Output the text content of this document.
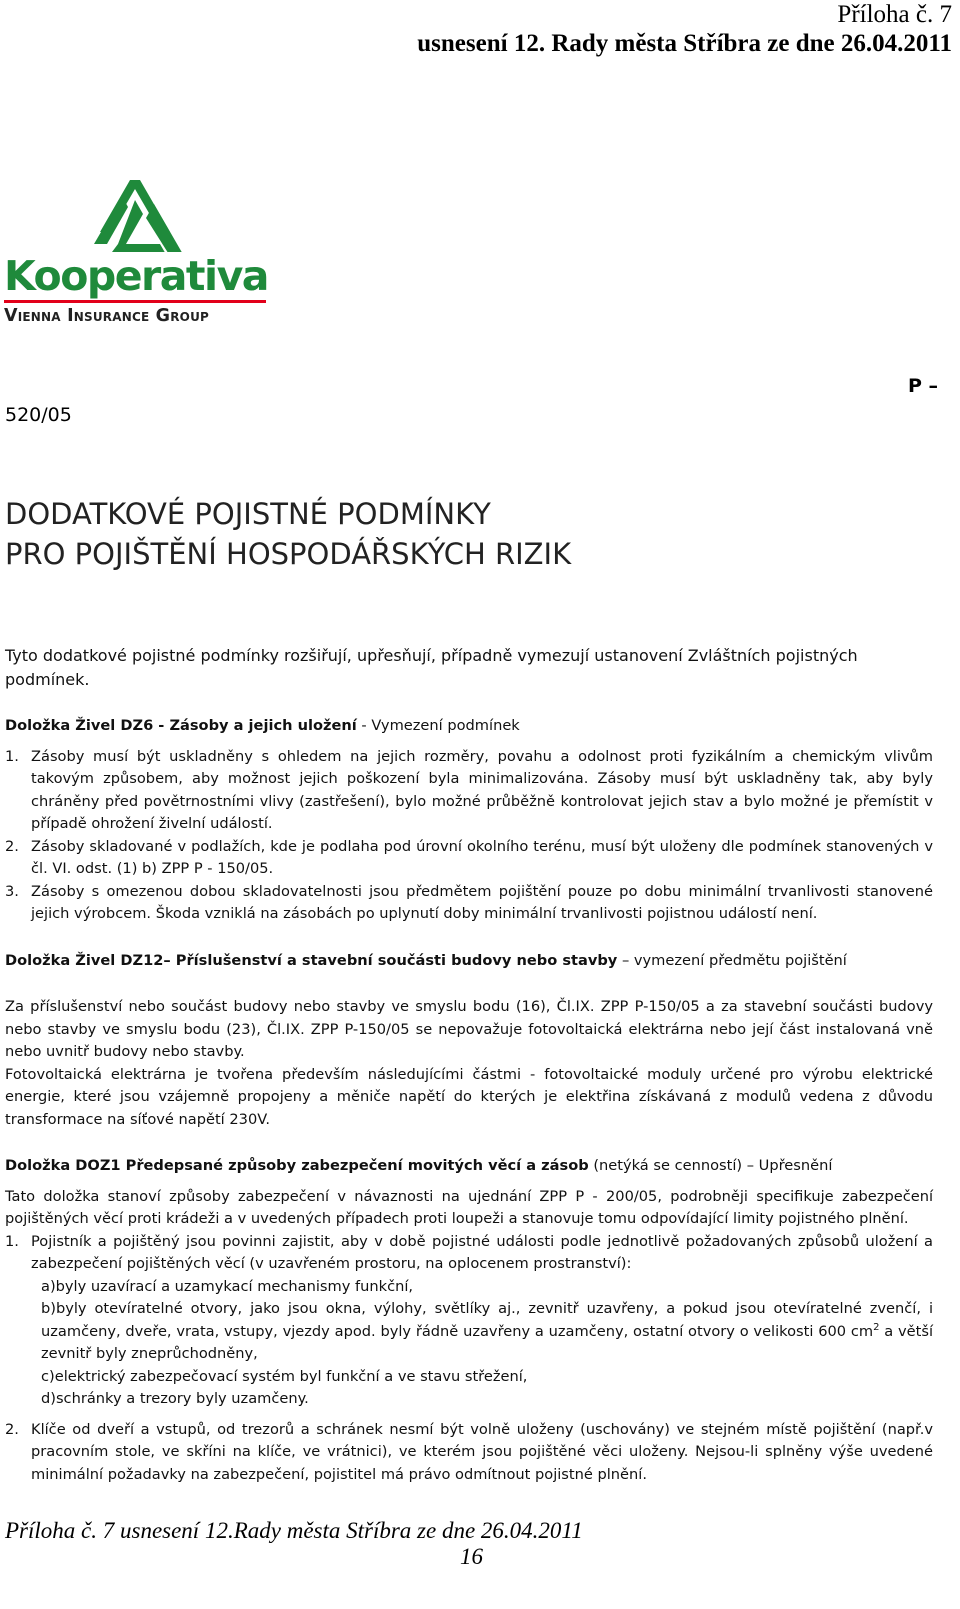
Příloha č. 7
usnesení 12. Rady města Stříbra ze dne 26.04.2011
Kooperativa
Vienna Insurance Group
520/05
P –
DODATKOVÉ POJISTNÉ PODMÍNKY
PRO POJIŠTĚNÍ HOSPODÁŘSKÝCH RIZIK

Tyto dodatkové pojistné podmínky rozšiřují, upřesňují, případně vymezují ustanovení Zvláštních pojistných podmínek.

Doložka Živel DZ6 - Zásoby a jejich uložení - Vymezení podmínek

1. Zásoby musí být uskladněny s ohledem na jejich rozměry, povahu a odolnost proti fyzikálním a chemickým vlivům takovým způsobem, aby možnost jejich poškození byla minimalizována. Zásoby musí být uskladněny tak, aby byly chráněny před povětrnostními vlivy (zastřešení), bylo možné průběžně kontrolovat jejich stav a bylo možné je přemístit v případě ohrožení živelní událostí.
2. Zásoby skladované v podlažích, kde je podlaha pod úrovní okolního terénu, musí být uloženy dle podmínek stanovených v čl. VI. odst. (1) b) ZPP P - 150/05.
3. Zásoby s omezenou dobou skladovatelnosti jsou předmětem pojištění pouze po dobu minimální trvanlivosti stanovené jejich výrobcem. Škoda vzniklá na zásobách po uplynutí doby minimální trvanlivosti pojistnou událostí není.

Doložka Živel DZ12– Příslušenství a stavební součásti budovy nebo stavby – vymezení předmětu pojištění

Za příslušenství nebo součást budovy nebo stavby ve smyslu bodu (16), Čl.IX. ZPP P-150/05 a za stavební součásti budovy nebo stavby ve smyslu bodu (23), Čl.IX. ZPP P-150/05 se nepovažuje fotovoltaická elektrárna nebo její část instalovaná vně nebo uvnitř budovy nebo stavby.

Fotovoltaická elektrárna je tvořena především následujícími částmi - fotovoltaické moduly určené pro výrobu elektrické energie, které jsou vzájemně propojeny a měniče napětí do kterých je elektřina získávaná z modulů vedena z důvodu transformace na síťové napětí 230V.

Doložka DOZ1 Předepsané způsoby zabezpečení movitých věcí a zásob (netýká se cenností) – Upřesnění

Tato doložka stanoví způsoby zabezpečení v návaznosti na ujednání ZPP P - 200/05, podrobněji specifikuje zabezpečení pojištěných věcí proti krádeži a v uvedených případech proti loupeži a stanovuje tomu odpovídající limity pojistného plnění.

1. Pojistník a pojištěný jsou povinni zajistit, aby v době pojistné události podle jednotlivě požadovaných způsobů uložení a zabezpečení pojištěných věcí (v uzavřeném prostoru, na oplocenem prostranství):

a)byly uzavírací a uzamykací mechanismy funkční,

b)byly otevíratelné otvory, jako jsou okna, výlohy, světlíky aj., zevnitř uzavřeny, a pokud jsou otevíratelné zvenčí, i uzamčeny, dveře, vrata, vstupy, vjezdy apod. byly řádně uzavřeny a uzamčeny, ostatní otvory o velikosti 600 $cm^2$ a větší zevnitř byly zneprůchodněny,

c)elektrický zabezpečovací systém byl funkční a ve stavu střežení,

d)schránky a trezory byly uzamčeny.

2. Klíče od dveří a vstupů, od trezorů a schránek nesmí být volně uloženy (uschovány) ve stejném místě pojištění (např.v pracovním stole, ve skříni na klíče, ve vrátnici), ve kterém jsou pojištěné věci uloženy. Nejsou-li splněny výše uvedené minimální požadavky na zabezpečení, pojistitel má právo odmítnout pojistné plnění.
Příloha č. 7 usnesení 12.Rady města Stříbra ze dne 26.04.2011
16
